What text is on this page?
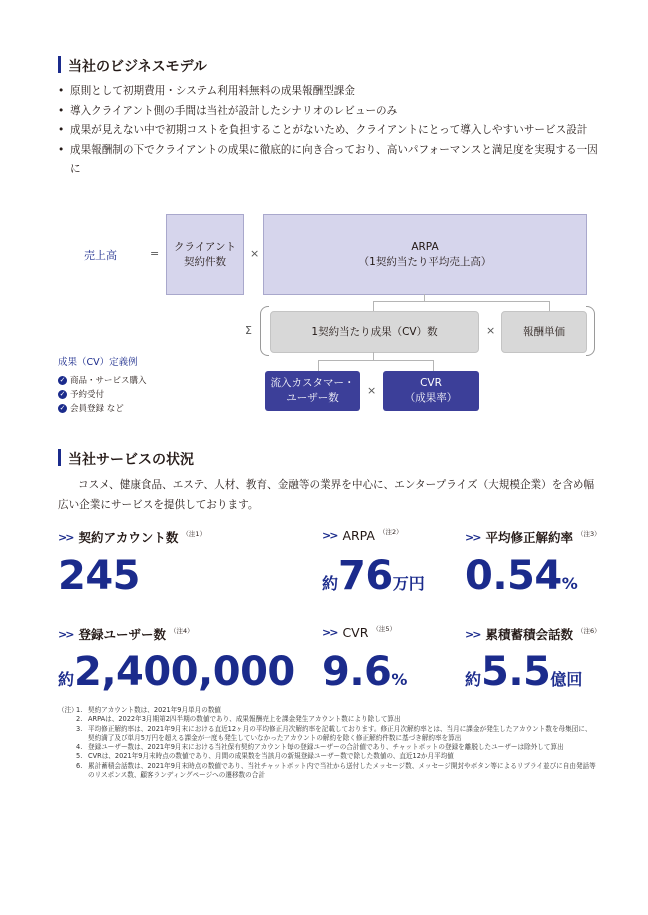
当社のビジネスモデル
• 原則として初期費用・システム利用料無料の成果報酬型課金
• 導入クライアント側の手間は当社が設計したシナリオのレビューのみ
• 成果が見えない中で初期コストを負担することがないため、クライアントにとって導入しやすいサービス設計
• 成果報酬制の下でクライアントの成果に徹底的に向き合っており、高いパフォーマンスと満足度を実現する一因に
売上高	=
クライアント
契約件数
×
ARPA
（1契約当たり平均売上高）
Σ	1契約当たり成果（CV）数	×	報酬単価
流入カスタマー・
ユーザー数
×
CVR
（成果率）
成果（CV）定義例
✓ 商品・サービス購入
✓ 予約受付
✓ 会員登録 など
当社サービスの状況

コスメ、健康食品、エステ、人材、教育、金融等の業界を中心に、エンタープライズ（大規模企業）を含め幅広い企業にサービスを提供しております。

>> 契約アカウント数 （注1）
245
>> ARPA （注2）
約 76 万円
>> 平均修正解約率 （注3）
0.54 %
>> 登録ユーザー数 （注4）
約 2,400,000
>> CVR （注5）
9.6 %
>> 累積蓄積会話数 （注6）
約 5.5 億回
（注）
1. 契約アカウント数は、2021年9月単月の数値
2. ARPAは、2022年3月期第2四半期の数値であり、成果報酬売上を課金発生アカウント数により除して算出
3. 平均修正解約率は、2021年9月末における直近12ヶ月の平均修正月次解約率を記載しております。修正月次解約率とは、当月に課金が発生したアカウント数を母集団に、契約満了及び単月5万円を超える課金が一度も発生していなかったアカウントの解約を除く修正解約件数に基づき解約率を算出
4. 登録ユーザー数は、2021年9月末における当社保有契約アカウント毎の登録ユーザーの合計値であり、チャットボットの登録を離脱したユーザーは除外して算出
5. CVRは、2021年9月末時点の数値であり、月間の成果数を当該月の新規登録ユーザー数で除した数値の、直近12か月平均値
6. 累計蓄積会話数は、2021年9月末時点の数値であり、当社チャットボット内で当社から送付したメッセージ数、メッセージ開封やボタン等によるリプライ並びに自由発話等のリスポンス数、顧客ランディングページへの遷移数の合計
